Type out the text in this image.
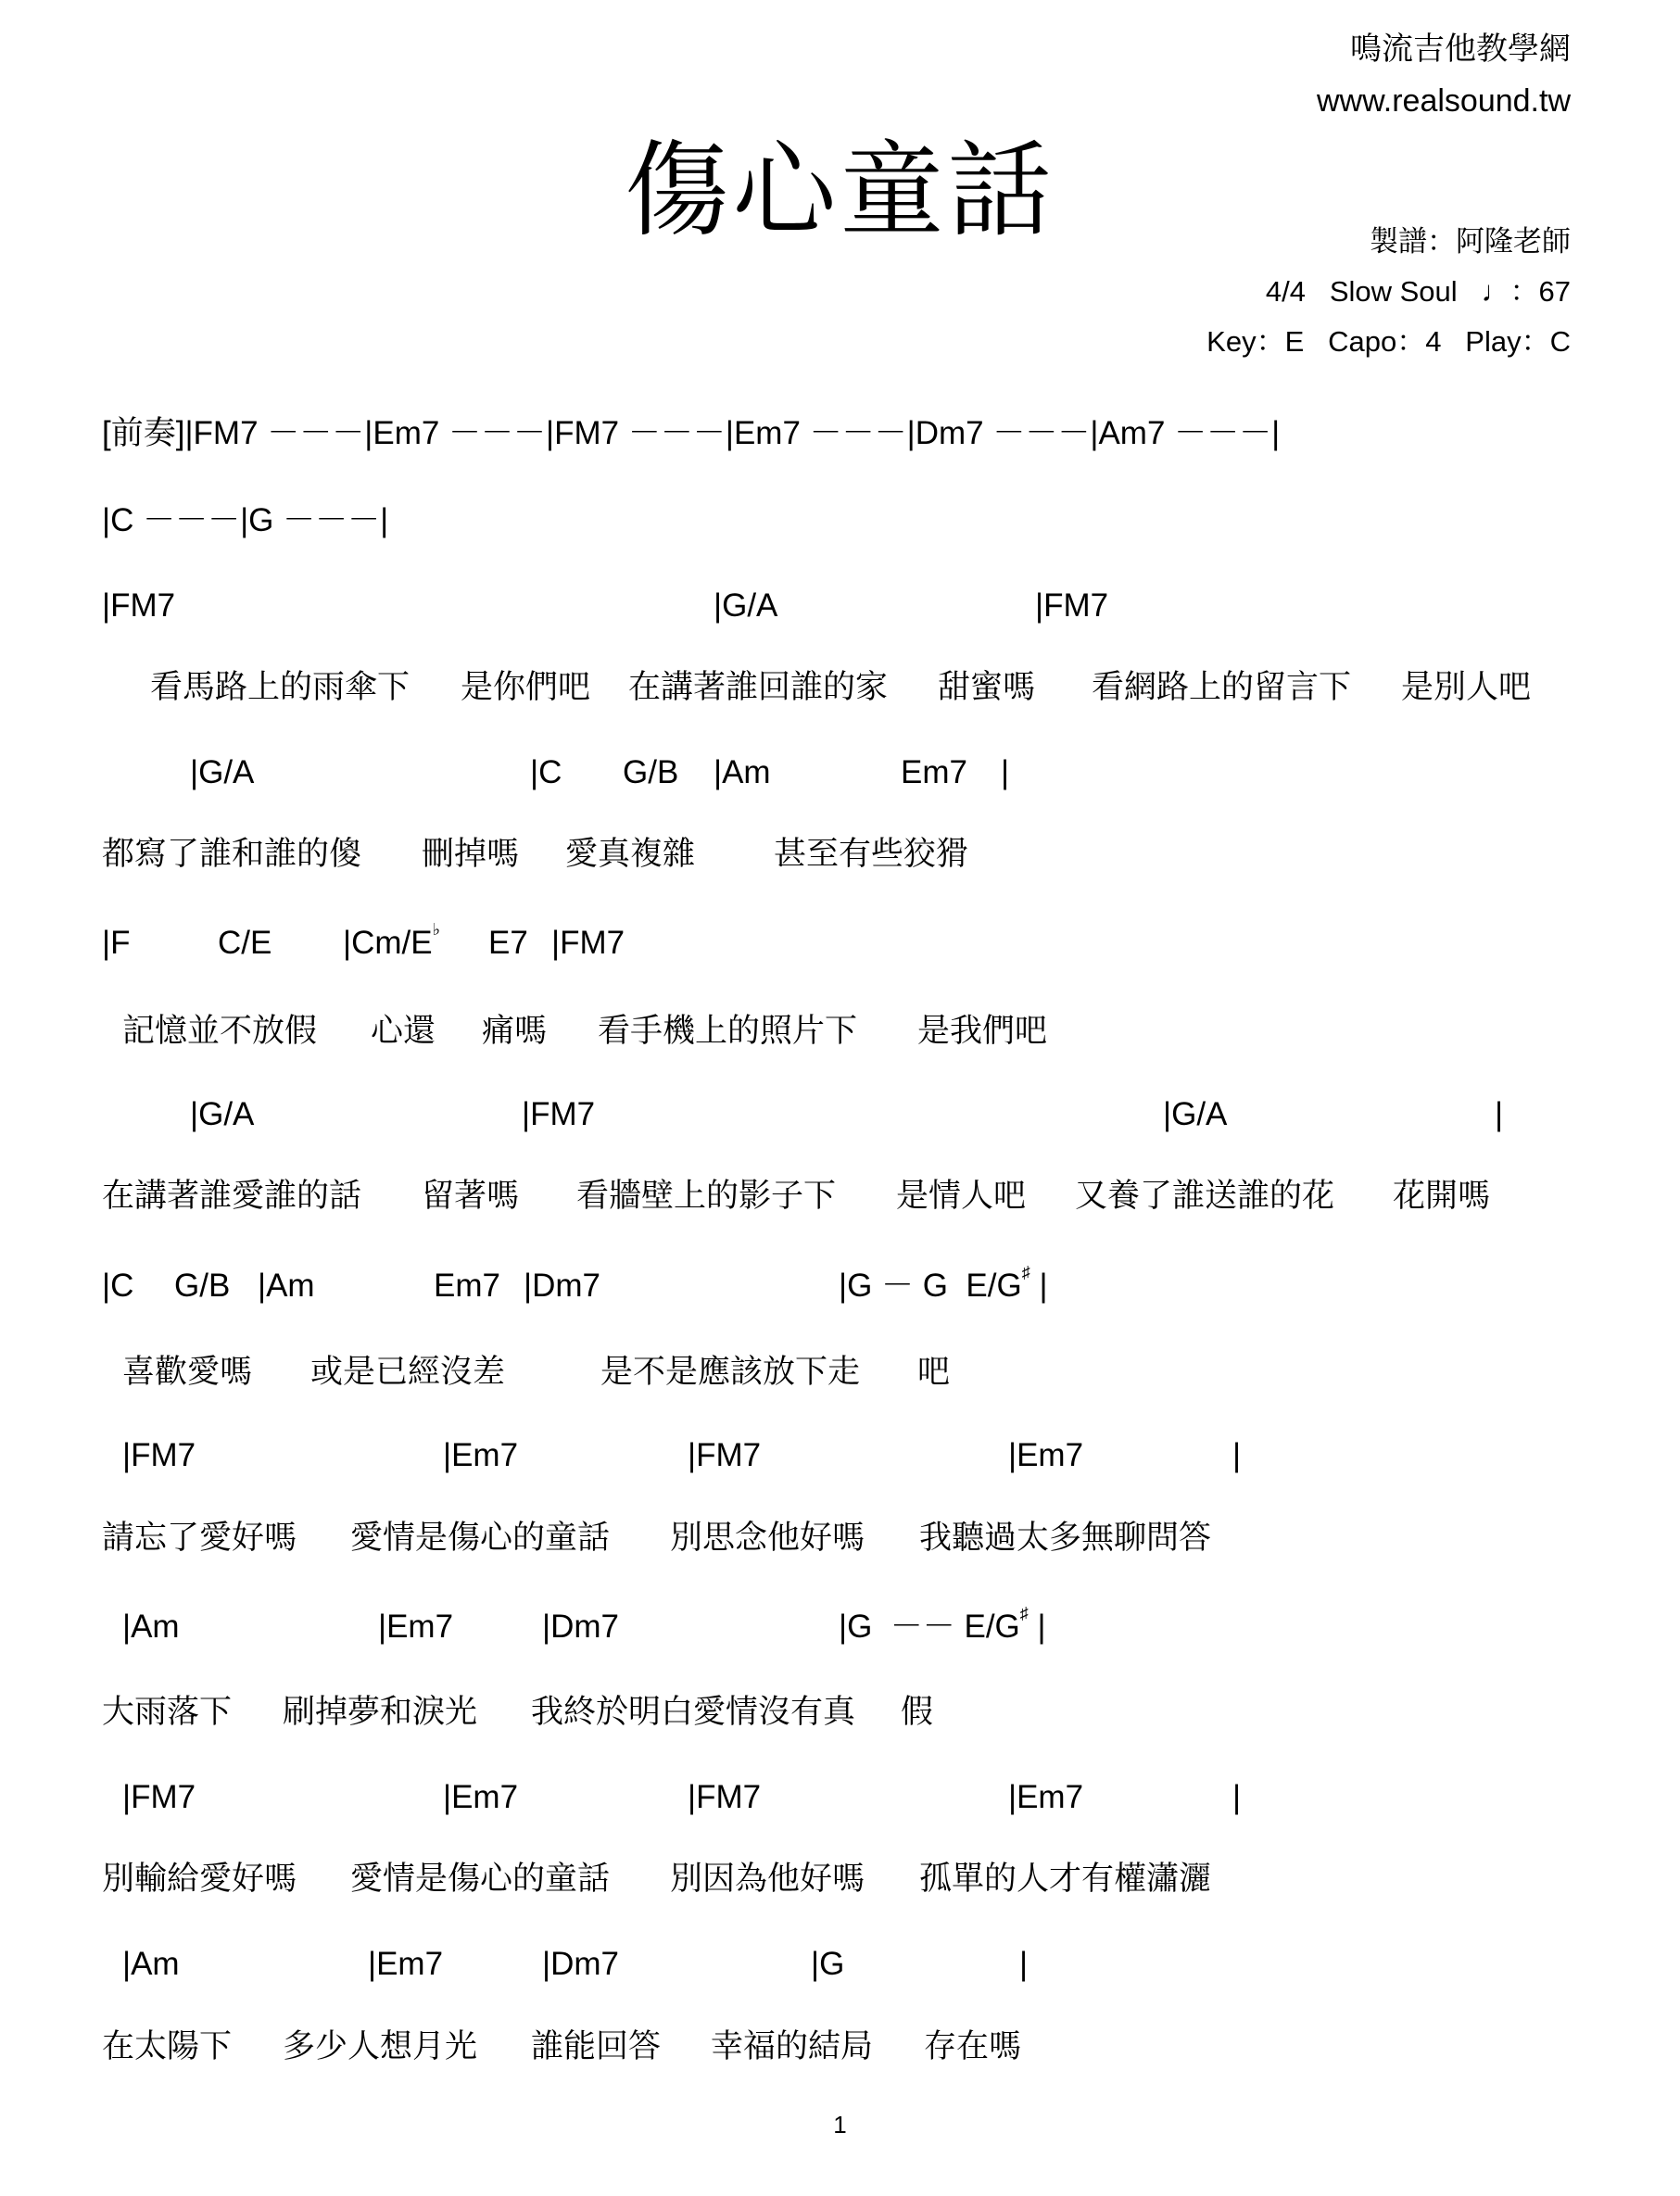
鳴流吉他教學網
www.realsound.tw
傷心童話	製譜：阿隆老師
4/4   Slow Soul   ♩：67
Key：E   Capo：4   Play：C
[前奏]|FM7 －－－|Em7 －－－|FM7 －－－|Em7 －－－|Dm7 －－－|Am7 －－－|
|C －－－|G －－－|
|FM7	|G/A	|FM7
看馬路上的雨傘下 是你們吧 在講著誰回誰的家 甜蜜嗎 看網路上的留言下 是別人吧
|G/A	|C G/B |Am	Em7 |
都寫了誰和誰的傻 刪掉嗎 愛真複雜 甚至有些狡猾
|F	C/E |Cm/E♭ E7 |FM7
記憶並不放假 心還 痛嗎 看手機上的照片下 是我們吧
|G/A	|FM7	|G/A	|
在講著誰愛誰的話 留著嗎 看牆壁上的影子下 是情人吧 又養了誰送誰的花 花開嗎
|C G/B |Am	Em7 |Dm7	|G － G  E/G♯ |
喜歡愛嗎 或是已經沒差	是不是應該放下走 吧
|FM7	|Em7	|FM7	|Em7	|
請忘了愛好嗎 愛情是傷心的童話 別思念他好嗎 我聽過太多無聊問答
|Am	|Em7	|Dm7	|G  －－ E/G♯ |
大雨落下 刷掉夢和淚光 我終於明白愛情沒有真 假
|FM7	|Em7	|FM7	|Em7	|
別輸給愛好嗎 愛情是傷心的童話 別因為他好嗎 孤單的人才有權瀟灑
|Am	|Em7	|Dm7	|G	|
在太陽下 多少人想月光 誰能回答 幸福的結局 存在嗎
1
